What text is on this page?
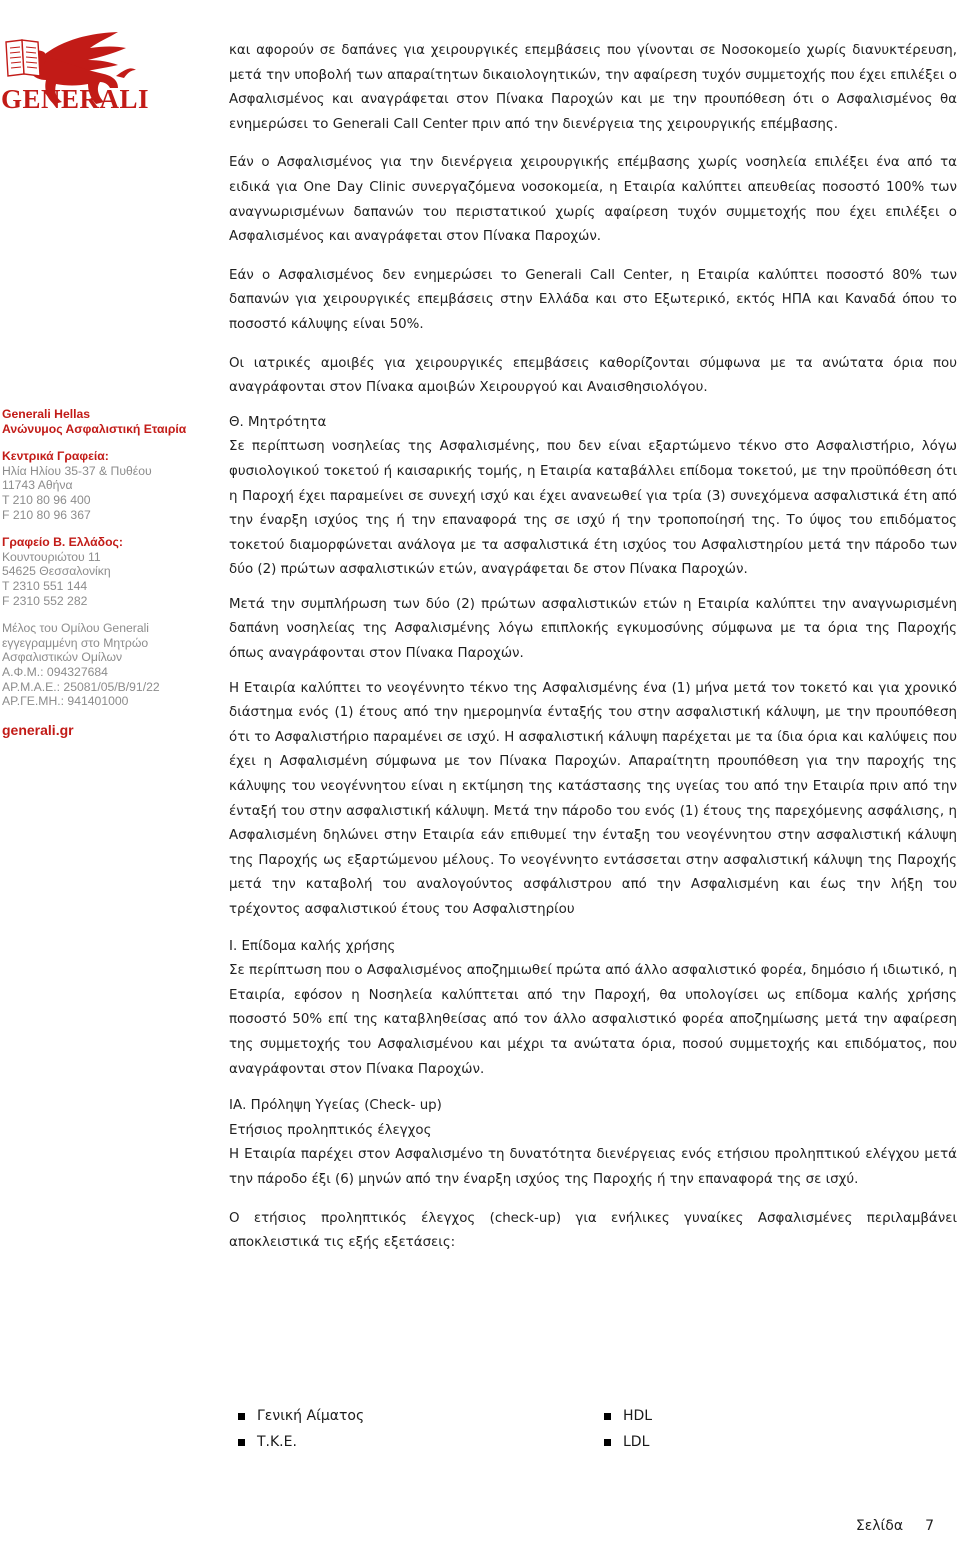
GENERALI
Generali Hellas
Ανώνυμος Ασφαλιστική Εταιρία
Κεντρικά Γραφεία:
Ηλία Ηλίου 35-37 & Πυθέου
11743 Αθήνα
T 210 80 96 400
F 210 80 96 367
Γραφείο Β. Ελλάδος:
Κουντουριώτου 11
54625 Θεσσαλονίκη
T 2310 551 144
F 2310 552 282
Μέλος του Ομίλου Generali
εγγεγραμμένη στο Μητρώο
Ασφαλιστικών Ομίλων
Α.Φ.Μ.: 094327684
ΑΡ.Μ.Α.Ε.: 25081/05/Β/91/22
ΑΡ.ΓΕ.ΜΗ.: 941401000
generali.gr

και αφορούν σε δαπάνες για χειρουργικές επεμβάσεις που γίνονται σε Νοσοκομείο χωρίς διανυκτέρευση, μετά την υποβολή των απαραίτητων δικαιολογητικών, την αφαίρεση τυχόν συμμετοχής που έχει επιλέξει ο Ασφαλισμένος και αναγράφεται στον Πίνακα Παροχών και με την προυπόθεση ότι ο Ασφαλισμένος θα ενημερώσει το Generali Call Center πριν από την διενέργεια της χειρουργικής επέμβασης.

Εάν ο Ασφαλισμένος για την διενέργεια χειρουργικής επέμβασης χωρίς νοσηλεία επιλέξει ένα από τα ειδικά για One Day Clinic συνεργαζόμενα νοσοκομεία, η Εταιρία καλύπτει απευθείας ποσοστό 100% των αναγνωρισμένων δαπανών του περιστατικού χωρίς αφαίρεση τυχόν συμμετοχής που έχει επιλέξει ο Ασφαλισμένος και αναγράφεται στον Πίνακα Παροχών.

Εάν ο Ασφαλισμένος δεν ενημερώσει το Generali Call Center, η Εταιρία καλύπτει ποσοστό 80% των δαπανών για χειρουργικές επεμβάσεις στην Ελλάδα και στο Εξωτερικό, εκτός ΗΠΑ και Καναδά όπου το ποσοστό κάλυψης είναι 50%.

Οι ιατρικές αμοιβές για χειρουργικές επεμβάσεις καθορίζονται σύμφωνα με τα ανώτατα όρια που αναγράφονται στον Πίνακα αμοιβών Χειρουργού και Αναισθησιολόγου.

Θ. Μητρότητα

Σε περίπτωση νοσηλείας της Ασφαλισμένης, που δεν είναι εξαρτώμενο τέκνο στο Ασφαλιστήριο, λόγω φυσιολογικού τοκετού ή καισαρικής τομής, η Εταιρία καταβάλλει επίδομα τοκετού, με την προϋπόθεση ότι η Παροχή έχει παραμείνει σε συνεχή ισχύ και έχει ανανεωθεί για τρία (3) συνεχόμενα ασφαλιστικά έτη από την έναρξη ισχύος της ή την επαναφορά της σε ισχύ ή την τροποποίησή της. Το ύψος του επιδόματος τοκετού διαμορφώνεται ανάλογα με τα ασφαλιστικά έτη ισχύος του Ασφαλιστηρίου μετά την πάροδο των δύο (2) πρώτων ασφαλιστικών ετών, αναγράφεται δε στον Πίνακα Παροχών.

Μετά την συμπλήρωση των δύο (2) πρώτων ασφαλιστικών ετών η Εταιρία καλύπτει την αναγνωρισμένη δαπάνη νοσηλείας της Ασφαλισμένης λόγω επιπλοκής εγκυμοσύνης σύμφωνα με τα όρια της Παροχής όπως αναγράφονται στον Πίνακα Παροχών.

Η Εταιρία καλύπτει το νεογέννητο τέκνο της Ασφαλισμένης ένα (1) μήνα μετά τον τοκετό και για χρονικό διάστημα ενός (1) έτους από την ημερομηνία ένταξής του στην ασφαλιστική κάλυψη, με την προυπόθεση ότι το Ασφαλιστήριο παραμένει σε ισχύ. Η ασφαλιστική κάλυψη παρέχεται με τα ίδια όρια και καλύψεις που έχει η Ασφαλισμένη σύμφωνα με τον Πίνακα Παροχών. Απαραίτητη προυπόθεση για την παροχής της κάλυψης του νεογέννητου είναι η εκτίμηση της κατάστασης της υγείας του από την Εταιρία πριν από την ένταξή του στην ασφαλιστική κάλυψη. Μετά την πάροδο του ενός (1) έτους της παρεχόμενης ασφάλισης, η Ασφαλισμένη δηλώνει στην Εταιρία εάν επιθυμεί την ένταξη του νεογέννητου στην ασφαλιστική κάλυψη της Παροχής ως εξαρτώμενου μέλους. Το νεογέννητο εντάσσεται στην ασφαλιστική κάλυψη της Παροχής μετά την καταβολή του αναλογούντος ασφάλιστρου από την Ασφαλισμένη και έως την λήξη του τρέχοντος ασφαλιστικού έτους του Ασφαλιστηρίου

Ι. Επίδομα καλής χρήσης

Σε περίπτωση που ο Ασφαλισμένος αποζημιωθεί πρώτα από άλλο ασφαλιστικό φορέα, δημόσιο ή ιδιωτικό, η Εταιρία, εφόσον η Νοσηλεία καλύπτεται από την Παροχή, θα υπολογίσει ως επίδομα καλής χρήσης ποσοστό 50% επί της καταβληθείσας από τον άλλο ασφαλιστικό φορέα αποζημίωσης μετά την αφαίρεση της συμμετοχής του Ασφαλισμένου και μέχρι τα ανώτατα όρια, ποσού συμμετοχής και επιδόματος, που αναγράφονται στον Πίνακα Παροχών.

ΙΑ. Πρόληψη Υγείας (Check- up)

Ετήσιος προληπτικός έλεγχος

Η Εταιρία παρέχει στον Ασφαλισμένο τη δυνατότητα διενέργειας ενός ετήσιου προληπτικού ελέγχου μετά την πάροδο έξι (6) μηνών από την έναρξη ισχύος της Παροχής ή την επαναφορά της σε ισχύ.

Ο ετήσιος προληπτικός έλεγχος (check-up) για ενήλικες γυναίκες Ασφαλισμένες περιλαμβάνει αποκλειστικά τις εξής εξετάσεις:

Γενική Αίματος
Τ.Κ.Ε.
HDL
LDL
Σελίδα 7
